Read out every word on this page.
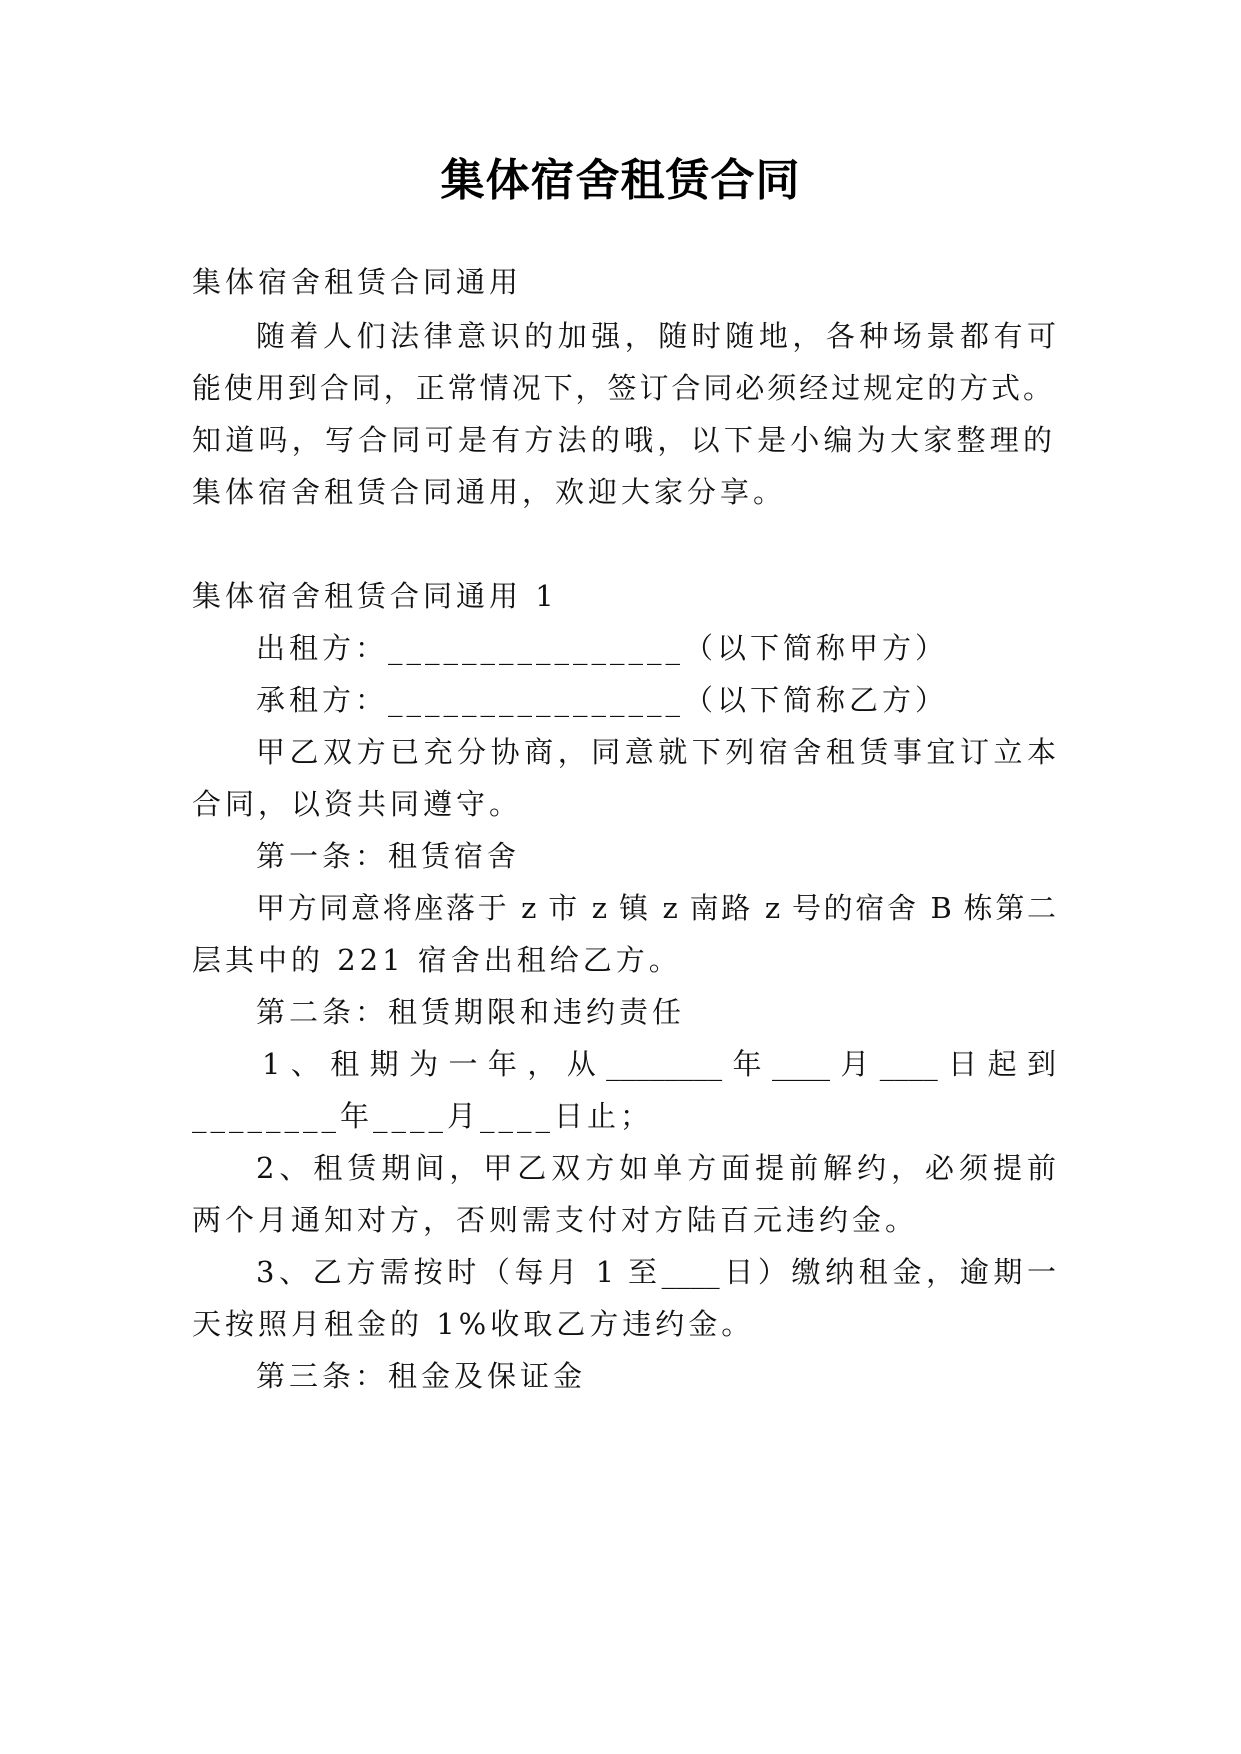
集体宿舍租赁合同
集体宿舍租赁合同通用
随着人们法律意识的加强，随时随地，各种场景都有可
能使用到合同，正常情况下，签订合同必须经过规定的方式。
知道吗，写合同可是有方法的哦，以下是小编为大家整理的
集体宿舍租赁合同通用，欢迎大家分享。
集体宿舍租赁合同通用 1
出租方：________________（以下简称甲方）
承租方：________________（以下简称乙方）
甲乙双方已充分协商，同意就下列宿舍租赁事宜订立本
合同，以资共同遵守。
第一条：租赁宿舍
甲方同意将座落于 z 市 z 镇 z 南路 z 号的宿舍 B 栋第二
层其中的 221 宿舍出租给乙方。
第二条：租赁期限和违约责任
1、租期为一年，从________年____月____日起到
________年____月____日止；
2、租赁期间，甲乙双方如单方面提前解约，必须提前
两个月通知对方，否则需支付对方陆百元违约金。
3、乙方需按时（每月 1 至____日）缴纳租金，逾期一
天按照月租金的 1%收取乙方违约金。
第三条：租金及保证金
